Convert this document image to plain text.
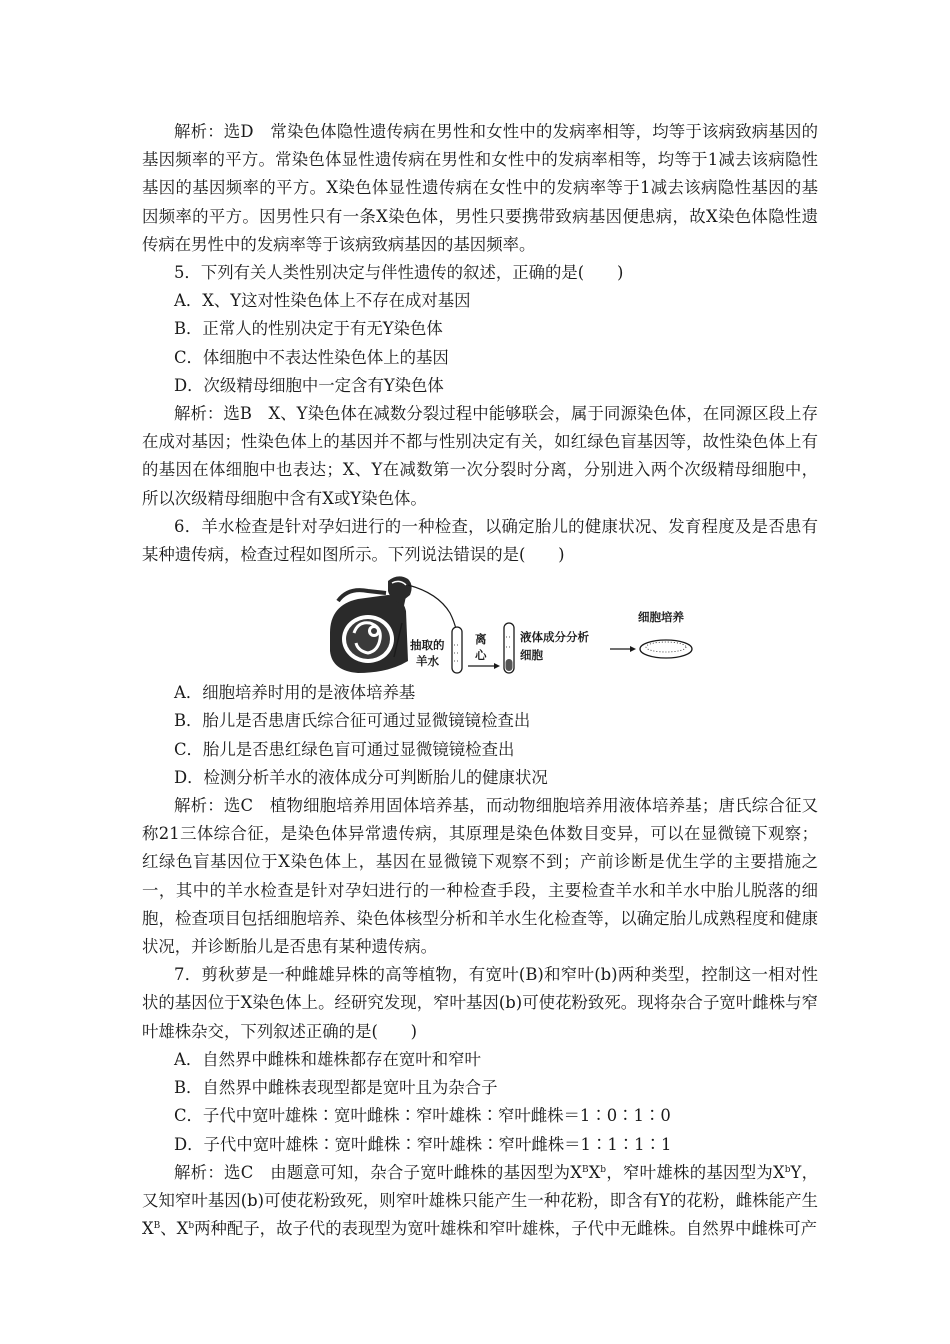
解析：选D　常染色体隐性遗传病在男性和女性中的发病率相等，均等于该病致病基因的基因频率的平方。常染色体显性遗传病在男性和女性中的发病率相等，均等于1减去该病隐性基因的基因频率的平方。X染色体显性遗传病在女性中的发病率等于1减去该病隐性基因的基因频率的平方。因男性只有一条X染色体，男性只要携带致病基因便患病，故X染色体隐性遗传病在男性中的发病率等于该病致病基因的基因频率。

5．下列有关人类性别决定与伴性遗传的叙述，正确的是(　　)

A．X、Y这对性染色体上不存在成对基因

B．正常人的性别决定于有无Y染色体

C．体细胞中不表达性染色体上的基因

D．次级精母细胞中一定含有Y染色体

解析：选B　X、Y染色体在减数分裂过程中能够联会，属于同源染色体，在同源区段上存在成对基因；性染色体上的基因并不都与性别决定有关，如红绿色盲基因等，故性染色体上有的基因在体细胞中也表达；X、Y在减数第一次分裂时分离，分别进入两个次级精母细胞中，所以次级精母细胞中含有X或Y染色体。

6．羊水检查是针对孕妇进行的一种检查，以确定胎儿的健康状况、发育程度及是否患有某种遗传病，检查过程如图所示。下列说法错误的是(　　)

抽取的
羊水
离
心
液体成分分析
细胞
细胞培养

A．细胞培养时用的是液体培养基

B．胎儿是否患唐氏综合征可通过显微镜镜检查出

C．胎儿是否患红绿色盲可通过显微镜镜检查出

D．检测分析羊水的液体成分可判断胎儿的健康状况

解析：选C　植物细胞培养用固体培养基，而动物细胞培养用液体培养基；唐氏综合征又称21三体综合征，是染色体异常遗传病，其原理是染色体数目变异，可以在显微镜下观察；红绿色盲基因位于X染色体上，基因在显微镜下观察不到；产前诊断是优生学的主要措施之一，其中的羊水检查是针对孕妇进行的一种检查手段，主要检查羊水和羊水中胎儿脱落的细胞，检查项目包括细胞培养、染色体核型分析和羊水生化检查等，以确定胎儿成熟程度和健康状况，并诊断胎儿是否患有某种遗传病。

7．剪秋萝是一种雌雄异株的高等植物，有宽叶(B)和窄叶(b)两种类型，控制这一相对性状的基因位于X染色体上。经研究发现，窄叶基因(b)可使花粉致死。现将杂合子宽叶雌株与窄叶雄株杂交，下列叙述正确的是(　　)

A．自然界中雌株和雄株都存在宽叶和窄叶

B．自然界中雌株表现型都是宽叶且为杂合子

C．子代中宽叶雄株∶宽叶雌株∶窄叶雄株∶窄叶雌株＝1∶0∶1∶0

D．子代中宽叶雄株∶宽叶雌株∶窄叶雄株∶窄叶雌株＝1∶1∶1∶1

解析：选C　由题意可知，杂合子宽叶雌株的基因型为$X^BX^b$，窄叶雄株的基因型为$X^bY$，又知窄叶基因(b)可使花粉致死，则窄叶雄株只能产生一种花粉，即含有Y的花粉，雌株能产生$X^B$、$X^b$两种配子，故子代的表现型为宽叶雄株和窄叶雄株，子代中无雌株。自然界中雌株可产
